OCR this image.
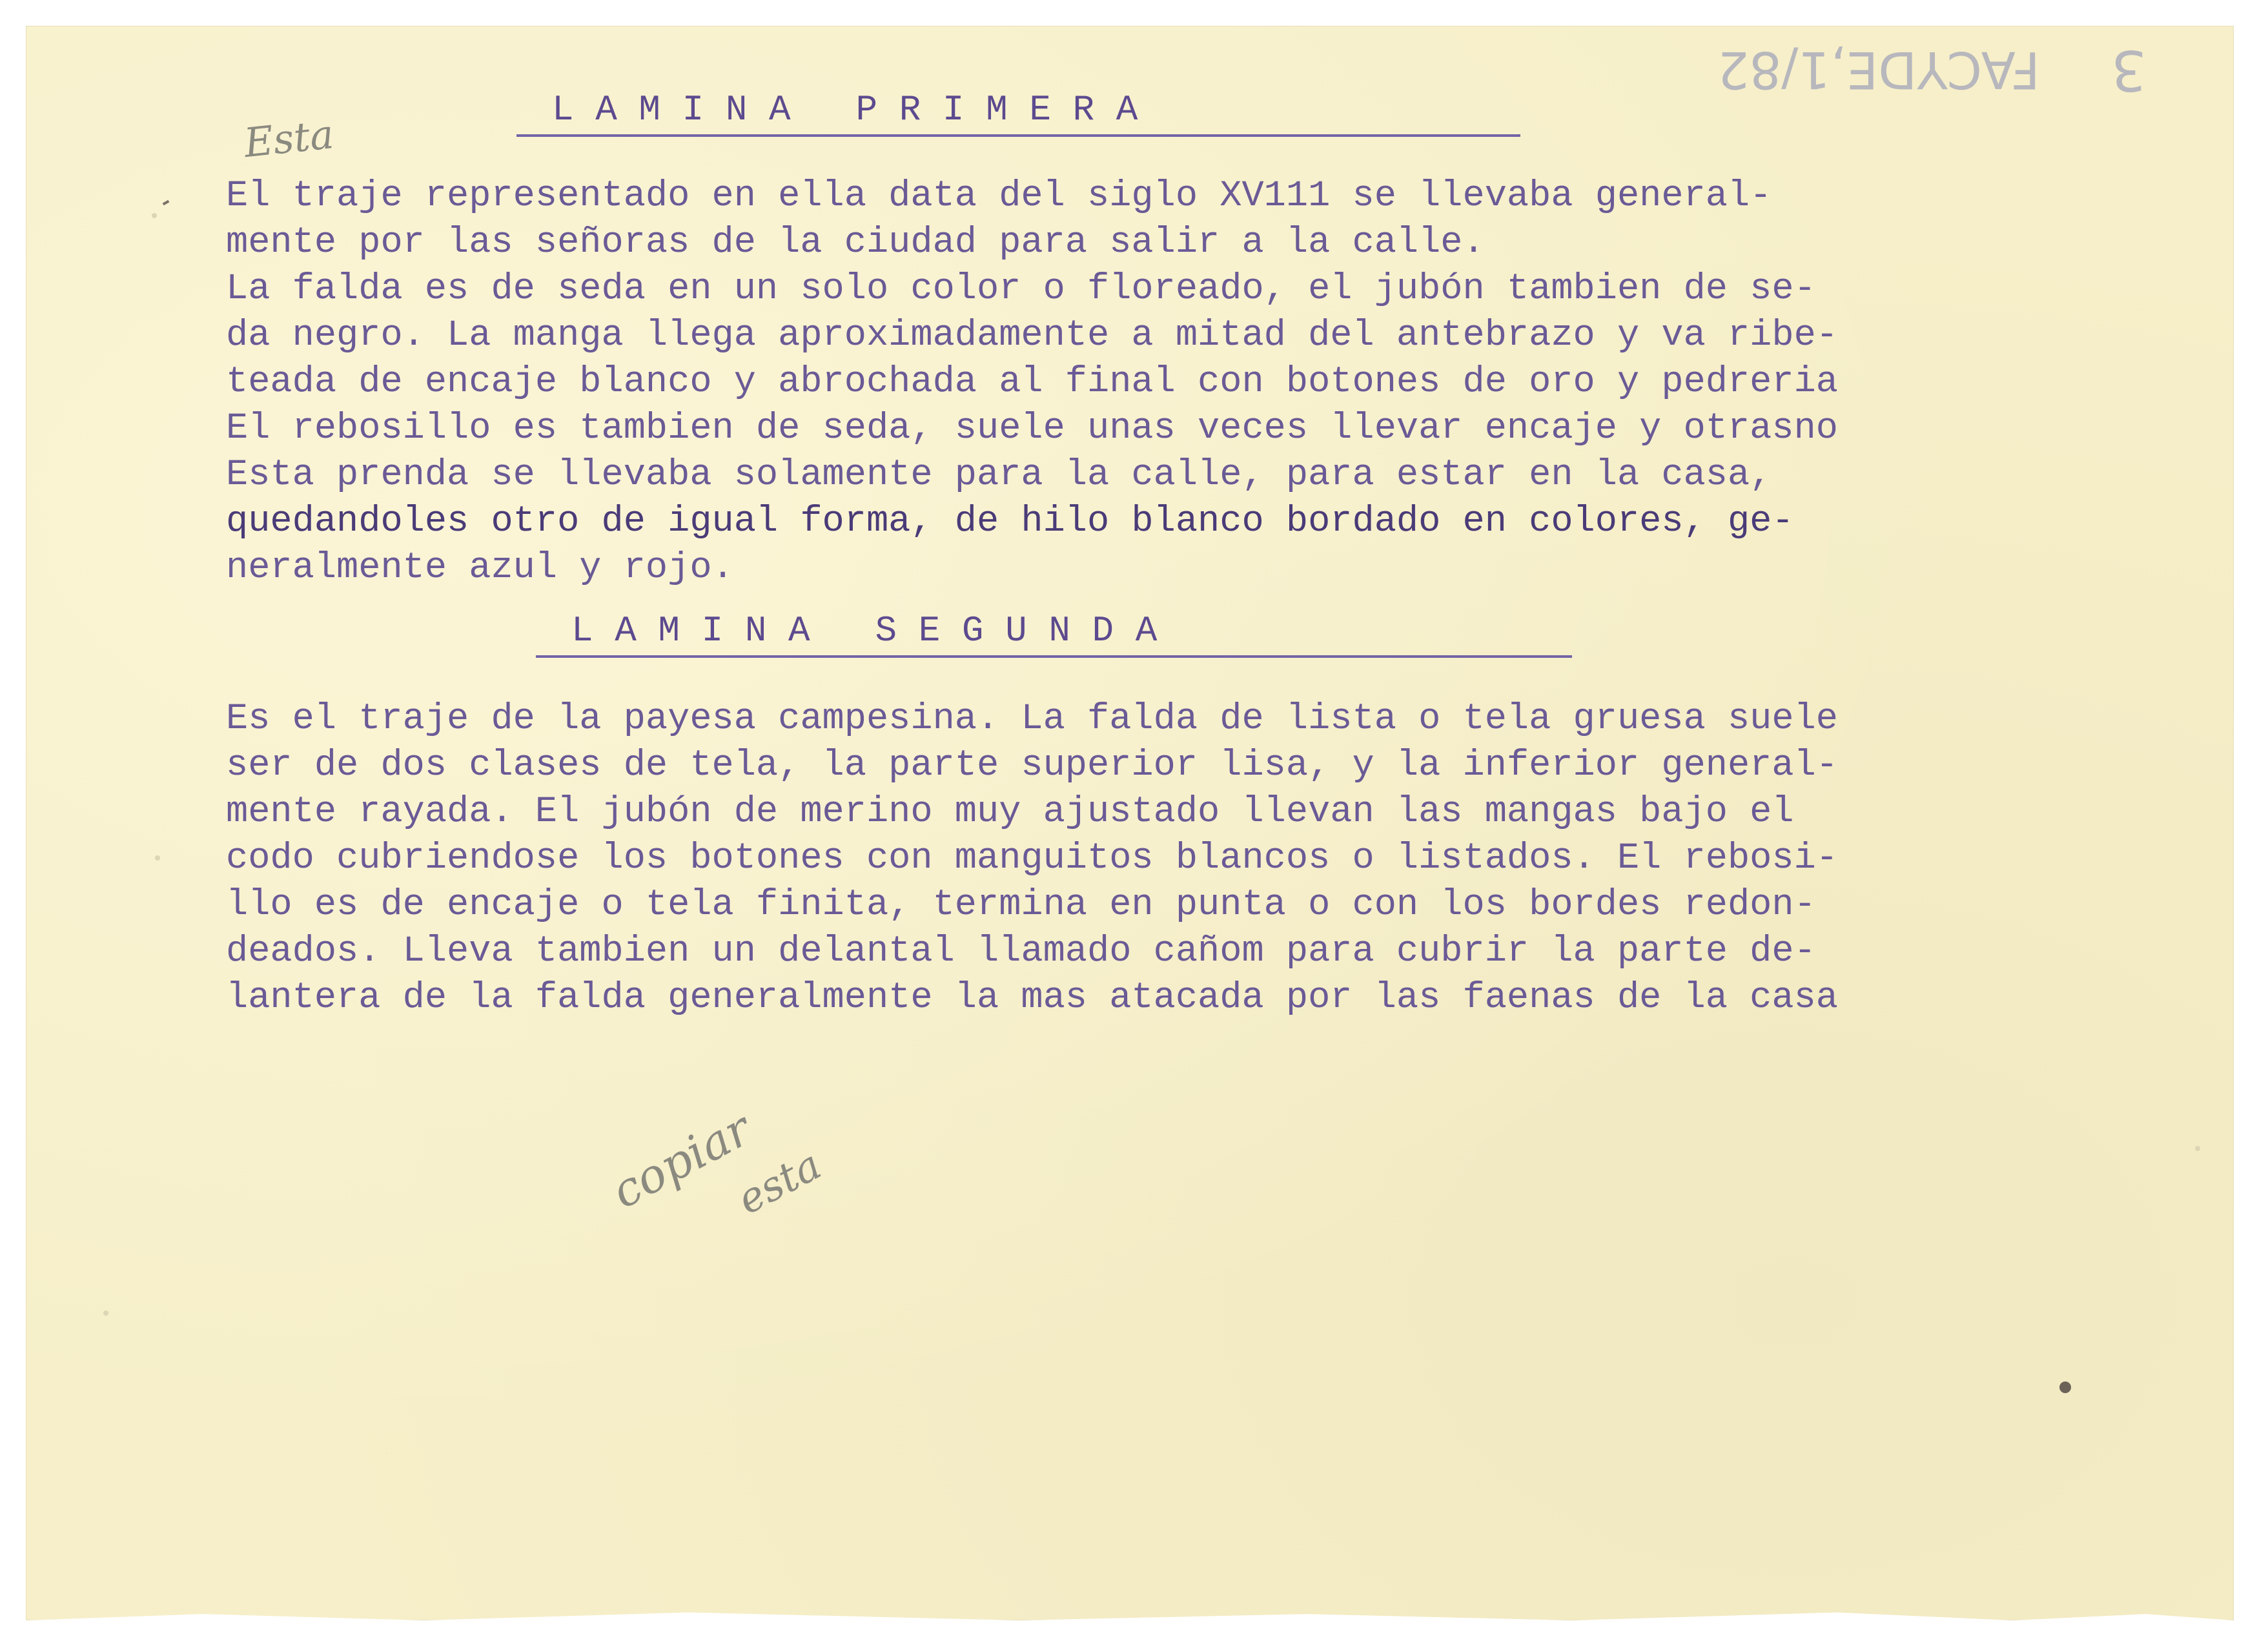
FACYDE,1/82 3
Esta
L A M I N A   P R I M E R A

El traje representado en ella data del siglo XV111 se llevaba general-

mente por las señoras de la ciudad para salir a la calle.

La falda es de seda en un solo color o floreado, el jubón tambien de se-

da negro. La manga llega aproximadamente a mitad del antebrazo y va ribe-

teada de encaje blanco y abrochada al final con botones de oro y pedreria

El rebosillo es tambien de seda, suele unas veces llevar encaje y otrasno

Esta prenda se llevaba solamente para la calle, para estar en la casa,

quedandoles otro de igual forma, de hilo blanco bordado en colores, ge-

neralmente azul y rojo.

L A M I N A   S E G U N D A

Es el traje de la payesa campesina. La falda de lista o tela gruesa suele

ser de dos clases de tela, la parte superior lisa, y la inferior general-

mente rayada. El jubón de merino muy ajustado llevan las mangas bajo el

codo cubriendose los botones con manguitos blancos o listados. El rebosi-

llo es de encaje o tela finita, termina en punta o con los bordes redon-

deados. Lleva tambien un delantal llamado cañom para cubrir la parte de-

lantera de la falda generalmente la mas atacada por las faenas de la casa

copiar
esta
